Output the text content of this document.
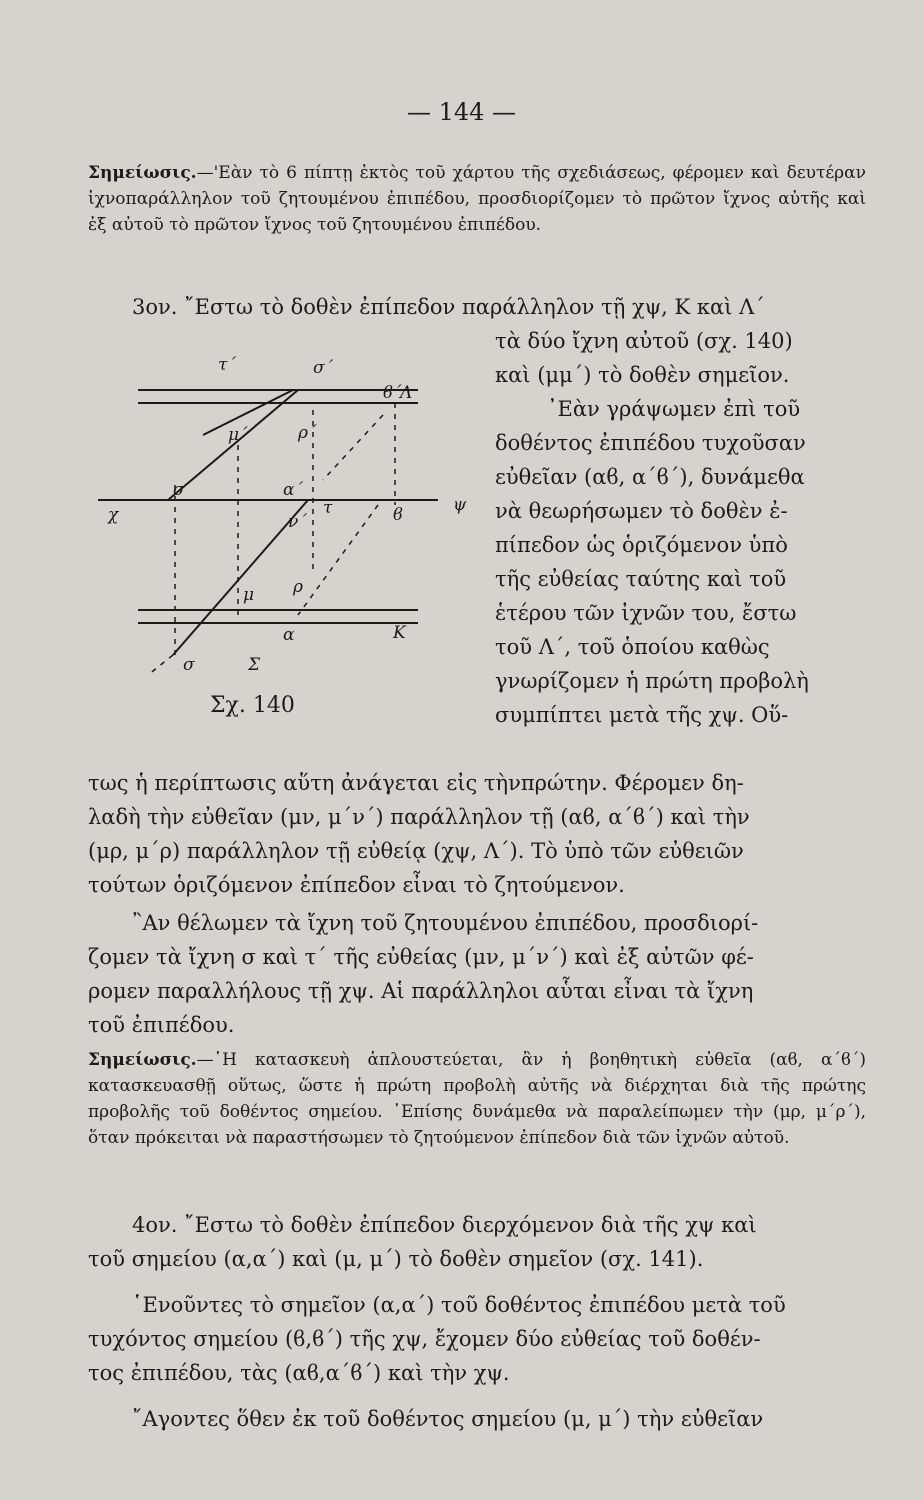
— 144 —
Σημείωσις.—'Εὰν τὸ 6 πίπτῃ ἐκτὸς τοῦ χάρτου τῆς σχεδιάσεως, φέρομεν καὶ δευτέραν ἰχνοπαράλληλον τοῦ ζητουμένου ἐπιπέδου, προσδιορίζομεν τὸ πρῶτον ἴχνος αὐτῆς καὶ ἐξ αὐτοῦ τὸ πρῶτον ἴχνος τοῦ ζητουμένου ἐπιπέδου.

3ον. ῎Εστω τὸ δοθὲν ἐπίπεδον παράλληλον τῇ χψ, Κ καὶ Λ΄

τὰ δύο ἴχνη αὐτοῦ (σχ. 140)

καὶ (μμ΄) τὸ δοθὲν σημεῖον.

᾿Εὰν γράψωμεν ἐπὶ τοῦ

δοθέντος ἐπιπέδου τυχοῦσαν

εὐθεῖαν (αϐ, α΄ϐ΄), δυνάμεθα

νὰ θεωρήσωμεν τὸ δοθὲν ἐ-

πίπεδον ὡς ὁριζόμενον ὑπὸ

τῆς εὐθείας ταύτης καὶ τοῦ

ἑτέρου τῶν ἰχνῶν του, ἔστω

τοῦ Λ΄, τοῦ ὁποίου καθὼς

γνωρίζομεν ἡ πρώτη προβολὴ

συμπίπτει μετὰ τῆς χψ. Οὕ-

τ΄	σ΄
ϐ΄
Λ
μ΄	ρ΄
σ	α΄
τ	ϐ
χ	ψ
ν΄
μ ρ
α	Κ
σ	Σ
Σχ. 140

τως ἡ περίπτωσις αὕτη ἀνάγεται εἰς τὴνπρώτην. Φέρομεν δη-

λαδὴ τὴν εὐθεῖαν (μν, μ΄ν΄) παράλληλον τῇ (αϐ, α΄ϐ΄) καὶ τὴν

(μρ, μ΄ρ) παράλληλον τῇ εὐθείᾳ (χψ, Λ΄). Τὸ ὑπὸ τῶν εὐθειῶν

τούτων ὁριζόμενον ἐπίπεδον εἶναι τὸ ζητούμενον.

῍Αν θέλωμεν τὰ ἴχνη τοῦ ζητουμένου ἐπιπέδου, προσδιορί-

ζομεν τὰ ἴχνη σ καὶ τ΄ τῆς εὐθείας (μν, μ΄ν΄) καὶ ἐξ αὐτῶν φέ-

ρομεν παραλλήλους τῇ χψ. Αἱ παράλληλοι αὗται εἶναι τὰ ἴχνη

τοῦ ἐπιπέδου.

Σημείωσις.—῾Η κατασκευὴ ἁπλουστεύεται, ἂν ἡ βοηθητικὴ εὐθεῖα (αϐ, α΄ϐ΄) κατασκευασθῇ οὕτως, ὥστε ἡ πρώτη προβολὴ αὐτῆς νὰ διέρχηται διὰ τῆς πρώτης προβολῆς τοῦ δοθέντος σημείου. ᾿Επίσης δυνάμεθα νὰ παραλείπωμεν τὴν (μρ, μ΄ρ΄), ὅταν πρόκειται νὰ παραστήσωμεν τὸ ζητούμενον ἐπίπεδον διὰ τῶν ἰχνῶν αὐτοῦ.

4ον. ῎Εστω τὸ δοθὲν ἐπίπεδον διερχόμενον διὰ τῆς χψ καὶ

τοῦ σημείου (α,α΄) καὶ (μ, μ΄) τὸ δοθὲν σημεῖον (σχ. 141).

῾Ενοῦντες τὸ σημεῖον (α,α΄) τοῦ δοθέντος ἐπιπέδου μετὰ τοῦ

τυχόντος σημείου (ϐ,ϐ΄) τῆς χψ, ἔχομεν δύο εὐθείας τοῦ δοθέν-

τος ἐπιπέδου, τὰς (αϐ,α΄ϐ΄) καὶ τὴν χψ.

῎Αγοντες ὅθεν ἐκ τοῦ δοθέντος σημείου (μ, μ΄) τὴν εὐθεῖαν
